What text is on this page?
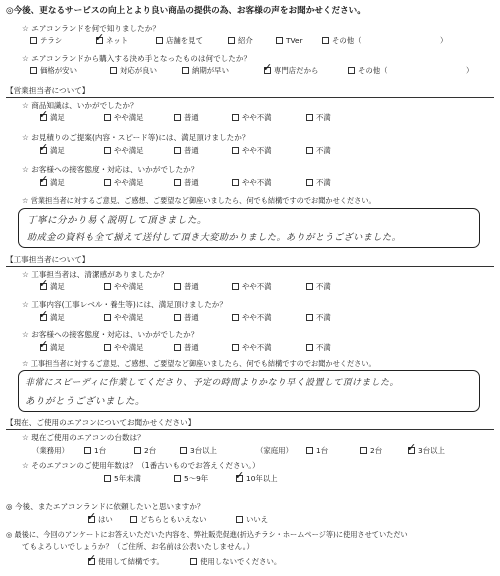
◎今後、更なるサービスの向上とより良い商品の提供の為、お客様の声をお聞かせください。
☆ エアコンランドを何で知りましたか？
テラシ	✓ ネット	店舗を見て	紹介	TVer	その他（	）
☆ エアコンランドから購入する決め手となったものは何でしたか？
価格が安い	対応が良い	納期が早い	✓ 専門店だから	その他（	）
【営業担当者について】
☆ 商品知識は、いかがでしたか？
✓ 満足	やや満足	普通	やや不満	不満
☆ お見積りのご提案(内容・スピード等)には、満足頂けましたか？
✓ 満足	やや満足	普通	やや不満	不満
☆ お客様への接客態度・対応は、いかがでしたか？
✓ 満足	やや満足	普通	やや不満	不満
☆ 営業担当者に対するご意見、ご感想、ご要望など御座いましたら、何でも結構ですのでお聞かせください。
丁寧に分かり易く説明して頂きました。
助成金の資料も全て揃えて送付して頂き大変助かりました。ありがとうございました。
【工事担当者について】
☆ 工事担当者は、清潔感がありましたか？
✓ 満足	やや満足	普通	やや不満	不満
☆ 工事内容(工事レベル・養生等)には、満足頂けましたか？
✓ 満足	やや満足	普通	やや不満	不満
☆ お客様への接客態度・対応は、いかがでしたか？
✓ 満足	やや満足	普通	やや不満	不満
☆ 工事担当者に対するご意見、ご感想、ご要望など御座いましたら、何でも結構ですのでお聞かせください。
非常にスピーディに作業してくださり、予定の時間よりかなり早く設置して頂けました。
ありがとうございました。
【現在、ご使用のエアコンについてお聞かせください】
☆ 現在ご使用のエアコンの台数は？
（業務用）	1台	2台	3台以上	（家庭用）	1台	2台 ✓ 3台以上
☆ そのエアコンのご使用年数は？（1番古いものでお答えください。）
5年未満	5〜9年 ✓ 10年以上
◎ 今後、またエアコンランドに依頼したいと思いますか？
✓ はい	どちらともいえない	いいえ
◎ 最後に、今回のアンケートにお答えいただいた内容を、弊社販売促進(折込チラシ・ホームページ等)に使用させていただい
てもよろしいでしょうか？（ご住所、お名前は公表いたしません。）
✓ 使用して結構です。	使用しないでください。
